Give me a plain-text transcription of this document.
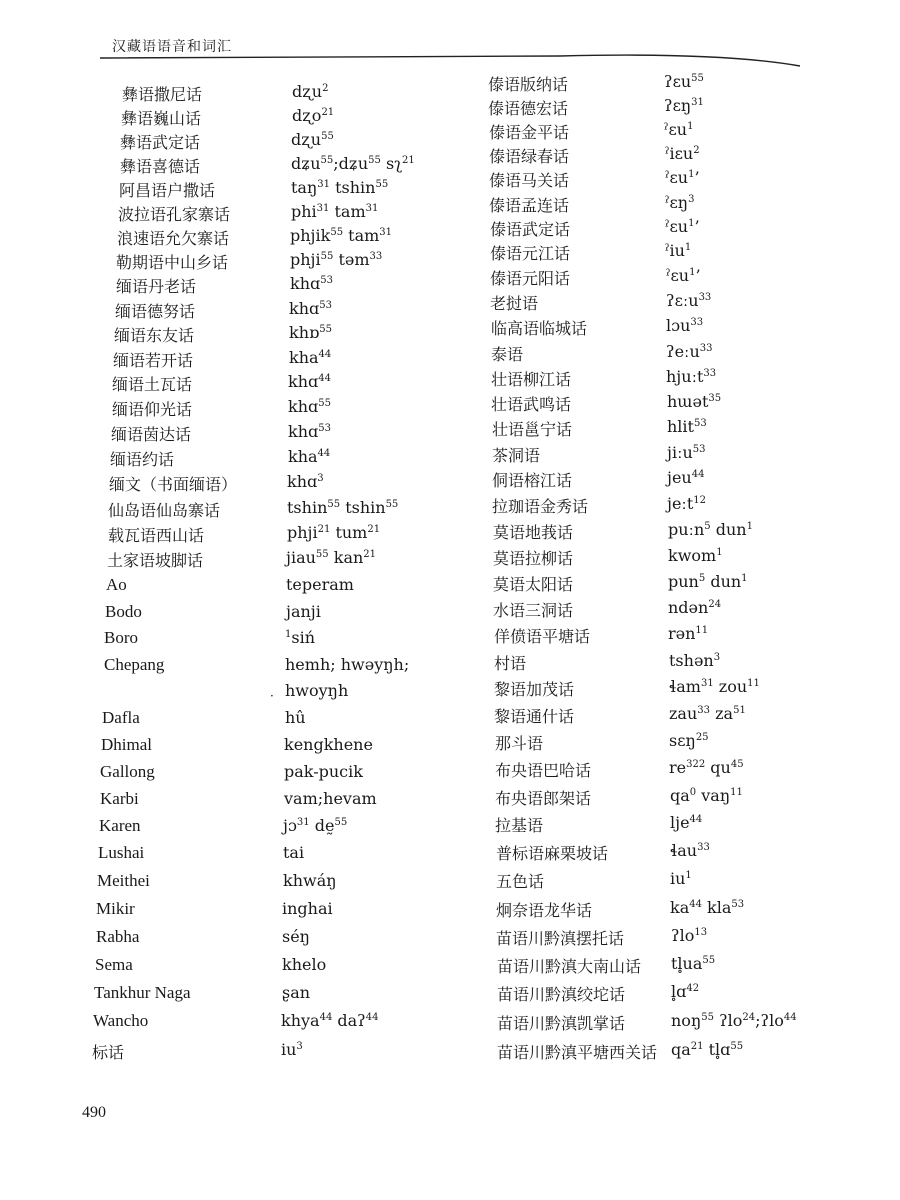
汉藏语语音和词汇
彝语撒尼话	dʐu$^2$
彝语巍山话	dʐo$^{21}$
彝语武定话	dʐu$^{55}$
彝语喜德话	dʑu$^{55}$;dʑu$^{55}$ sʅ$^{21}$
阿昌语户撒话	taŋ$^{31}$ tshin$^{55}$
波拉语孔家寨话	phi$^{31}$ tam$^{31}$
浪速语允欠寨话	phjik$^{55}$ tam$^{31}$
勒期语中山乡话	phji$^{55}$ təm$^{33}$
缅语丹老话	khɑ$^{53}$
缅语德努话	khɑ$^{53}$
缅语东友话	khɒ$^{55}$
缅语若开话	kha$^{44}$
缅语土瓦话	khɑ$^{44}$
缅语仰光话	khɑ$^{55}$
缅语茵达话	khɑ$^{53}$
缅语约话	kha$^{44}$
缅文（书面缅语）	khɑ$^3$
仙岛语仙岛寨话	tshin$^{55}$ tshin$^{55}$
载瓦语西山话	phji$^{21}$ tum$^{21}$
土家语坡脚话	jiau$^{55}$ kan$^{21}$
Ao	teperam
Bodo	janji
Boro	$^1$siń
Chepang	hemh; hwəyŋh;
hwoyŋh
Dafla	hû
Dhimal	kengkhene
Gallong	pak-pucik
Karbi	vam;hevam
Karen	jɔ$^{31}$ dḛ$^{55}$
Lushai	tai
Meithei	khwáŋ
Mikir	inghai
Rabha	séŋ
Sema	khelo
Tankhur Naga	ʂan
Wancho	khya$^{44}$ daʔ$^{44}$
标话	$iu^3$
傣语版纳话	ʔɛu$^{55}$
傣语德宏话	ʔɛŋ$^{31}$
傣语金平话	ˀɛu$^1$
傣语绿春话	ˀiɛu$^2$
傣语马关话	ˀɛu$^1$’
傣语孟连话	ˀɛŋ$^3$
傣语武定话	ˀɛu$^1$’
傣语元江话	ˀiu$^1$
傣语元阳话	ˀɛu$^1$’
老挝语	ʔɛːu$^{33}$
临高语临城话	lɔu$^{33}$
泰语	ʔeːu$^{33}$
壮语柳江话	hjuːt$^{33}$
壮语武鸣话	hɯət$^{35}$
壮语邕宁话	hlit$^{53}$
茶洞语	jiːu$^{53}$
侗语榕江话	jeu$^{44}$
拉珈语金秀话	jeːt$^{12}$
莫语地莪话	puːn$^5$ dun$^1$
莫语拉柳话	kwom$^1$
莫语太阳话	pun$^5$ dun$^1$
水语三洞话	ndən$^{24}$
佯偾语平塘话	rən$^{11}$
村语	tshən$^3$
黎语加茂话	ɬam$^{31}$ zou$^{11}$
黎语通什话	zau$^{33}$ $za^{51}$
那斗语	sɛŋ$^{25}$
布央语巴哈话	$re^{322}$ $qu^{45}$
布央语郎架话	$qa^0$ vaŋ$^{11}$
拉基语	lje$^{44}$
普标语麻栗坡话	ɬau$^{33}$
五色话	$iu^1$
炯奈语龙华话	$ka^{44}$ kla$^{53}$
苗语川黔滇摆托话	ʔlo$^{13}$
苗语川黔滇大南山话 $tl̥ua^{55}$
苗语川黔滇绞坨话	l̥ɑ$^{42}$
苗语川黔滇凯掌话	noŋ$^{55}$ ʔlo$^{24}$;ʔlo$^{44}$
苗语川黔滇平塘西关话 $qa^{21}$ tl̥ɑ$^{55}$
·
490
